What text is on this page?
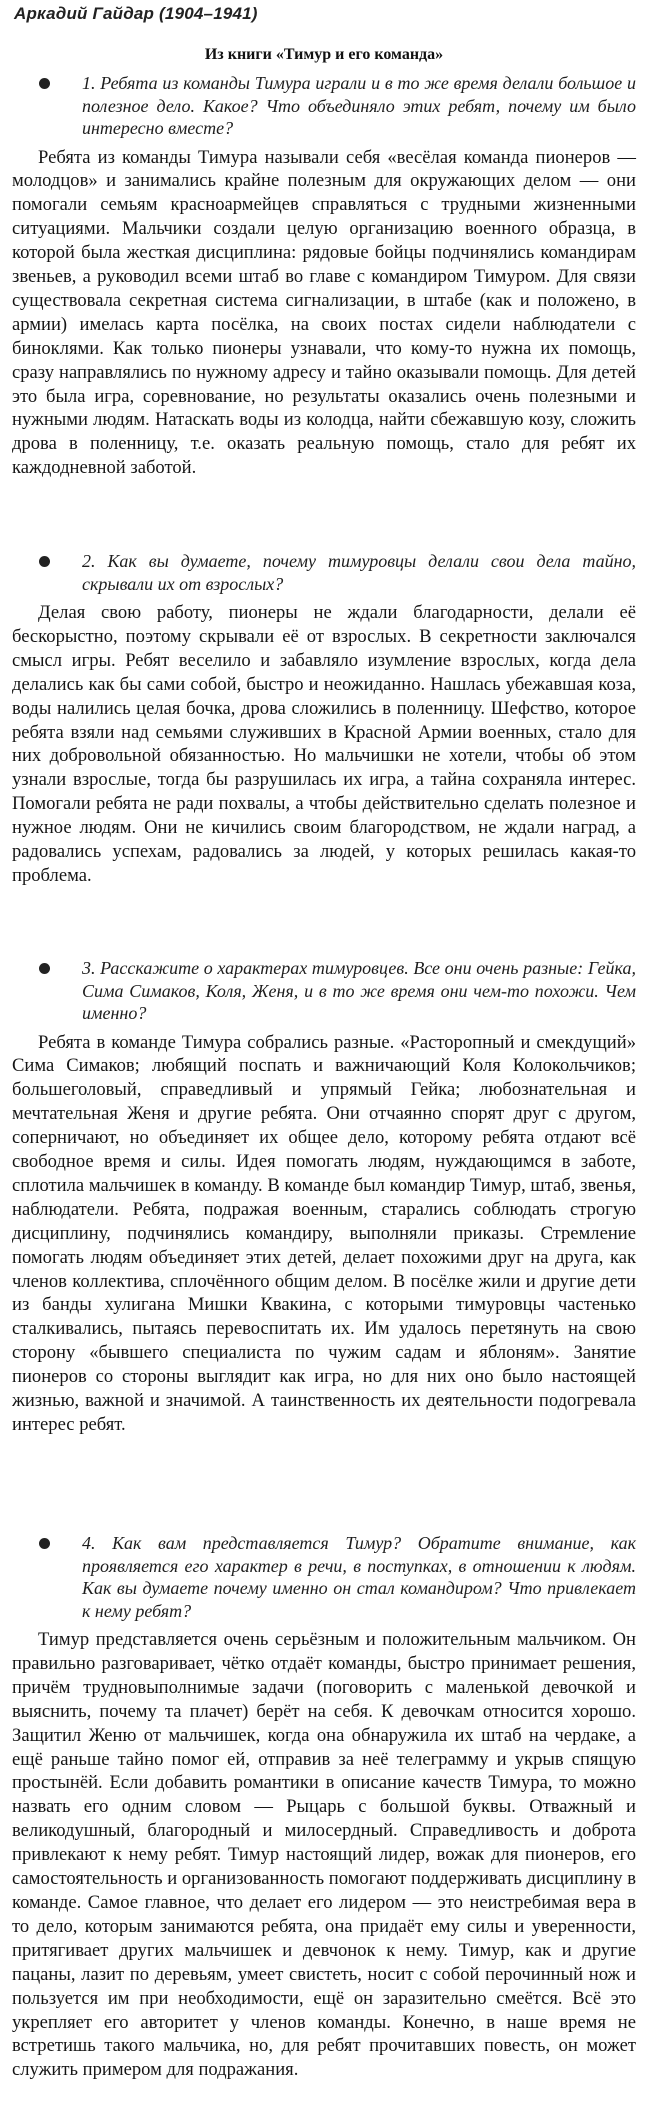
Аркадий Гайдар (1904–1941)
Из книги «Тимур и его команда»
1. Ребята из команды Тимура играли и в то же время делали большое и полезное дело. Какое? Что объединяло этих ребят, почему им было интересно вместе?

Ребята из команды Тимура называли себя «весёлая команда пионеров — молодцов» и занимались крайне полезным для окружающих делом — они помогали семьям красноармейцев справляться с трудными жизненными ситуациями. Мальчики создали целую организацию военного образца, в которой была жесткая дисциплина: рядовые бойцы подчинялись командирам звеньев, а руководил всеми штаб во главе с командиром Тимуром. Для связи существовала секретная система сигнализации, в штабе (как и положено, в армии) имелась карта посёлка, на своих постах сидели наблюдатели с биноклями. Как только пионеры узнавали, что кому-то нужна их помощь, сразу направлялись по нужному адресу и тайно оказывали помощь. Для детей это была игра, соревнование, но результаты оказались очень полезными и нужными людям. Натаскать воды из колодца, найти сбежавшую козу, сложить дрова в поленницу, т.е. оказать реальную помощь, стало для ребят их каждодневной заботой.

2. Как вы думаете, почему тимуровцы делали свои дела тайно, скрывали их от взрослых?

Делая свою работу, пионеры не ждали благодарности, делали её бескорыстно, поэтому скрывали её от взрослых. В секретности заключался смысл игры. Ребят веселило и забавляло изумление взрослых, когда дела делались как бы сами собой, быстро и неожиданно. Нашлась убежавшая коза, воды налились целая бочка, дрова сложились в поленницу. Шефство, которое ребята взяли над семьями служивших в Красной Армии военных, стало для них добровольной обязанностью. Но мальчишки не хотели, чтобы об этом узнали взрослые, тогда бы разрушилась их игра, а тайна сохраняла интерес. Помогали ребята не ради похвалы, а чтобы действительно сделать полезное и нужное людям. Они не кичились своим благородством, не ждали наград, а радовались успехам, радовались за людей, у которых решилась какая-то проблема.

3. Расскажите о характерах тимуровцев. Все они очень разные: Гейка, Сима Симаков, Коля, Женя, и в то же время они чем-то похожи. Чем именно?

Ребята в команде Тимура собрались разные. «Расторопный и смекдущий» Сима Симаков; любящий поспать и важничающий Коля Колокольчиков; большеголовый, справедливый и упрямый Гейка; любознательная и мечтательная Женя и другие ребята. Они отчаянно спорят друг с другом, соперничают, но объединяет их общее дело, которому ребята отдают всё свободное время и силы. Идея помогать людям, нуждающимся в заботе, сплотила мальчишек в команду. В команде был командир Тимур, штаб, звенья, наблюдатели. Ребята, подражая военным, старались соблюдать строгую дисциплину, подчинялись командиру, выполняли приказы. Стремление помогать людям объединяет этих детей, делает похожими друг на друга, как членов коллектива, сплочённого общим делом. В посёлке жили и другие дети из банды хулигана Мишки Квакина, с которыми тимуровцы частенько сталкивались, пытаясь перевоспитать их. Им удалось перетянуть на свою сторону «бывшего специалиста по чужим садам и яблоням». Занятие пионеров со стороны выглядит как игра, но для них оно было настоящей жизнью, важной и значимой. А таинственность их деятельности подогревала интерес ребят.

4. Как вам представляется Тимур? Обратите внимание, как проявляется его характер в речи, в поступках, в отношении к людям. Как вы думаете почему именно он стал командиром? Что привлекает к нему ребят?

Тимур представляется очень серьёзным и положительным мальчиком. Он правильно разговаривает, чётко отдаёт команды, быстро принимает решения, причём трудновыполнимые задачи (поговорить с маленькой девочкой и выяснить, почему та плачет) берёт на себя. К девочкам относится хорошо. Защитил Женю от мальчишек, когда она обнаружила их штаб на чердаке, а ещё раньше тайно помог ей, отправив за неё телеграмму и укрыв спящую простынёй. Если добавить романтики в описание качеств Тимура, то можно назвать его одним словом — Рыцарь с большой буквы. Отважный и великодушный, благородный и милосердный. Справедливость и доброта привлекают к нему ребят. Тимур настоящий лидер, вожак для пионеров, его самостоятельность и организованность помогают поддерживать дисциплину в команде. Самое главное, что делает его лидером — это неистребимая вера в то дело, которым занимаются ребята, она придаёт ему силы и уверенности, притягивает других мальчишек и девчонок к нему. Тимур, как и другие пацаны, лазит по деревьям, умеет свистеть, носит с собой перочинный нож и пользуется им при необходимости, ещё он заразительно смеётся. Всё это укрепляет его авторитет у членов команды. Конечно, в наше время не встретишь такого мальчика, но, для ребят прочитавших повесть, он может служить примером для подражания.
